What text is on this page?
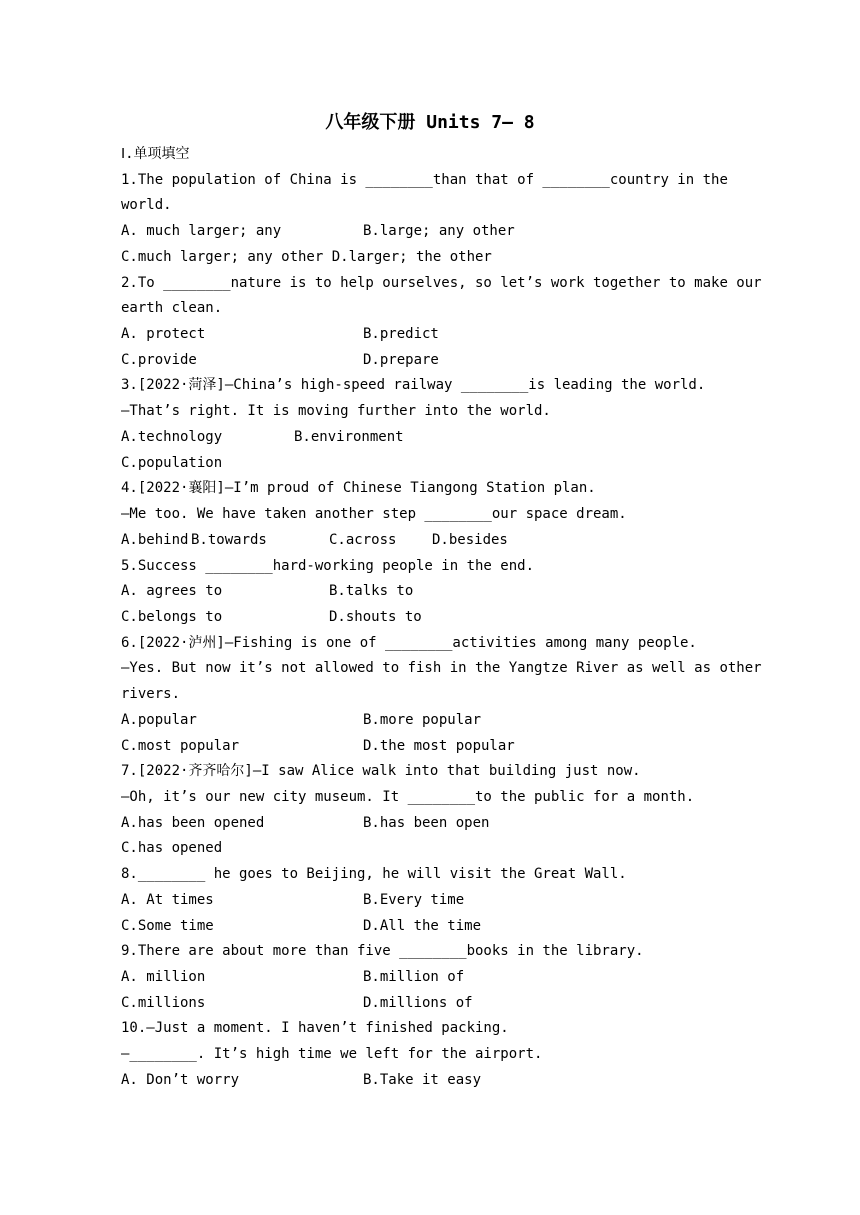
八年级下册 Units 7— 8
Ⅰ.单项填空
1.The population of China is ________than that of ________country in the
world.
A. much larger; any	B.large; any other
C.much larger; any other D.larger; the other
2.To ________nature is to help ourselves, so let’s work together to make our
earth clean.
A. protect	B.predict
C.provide	D.prepare
3.[2022·菏泽]—China’s high-speed railway ________is leading the world.
—That’s right. It is moving further into the world.
A.technology	B.environment
C.population
4.[2022·襄阳]—I’m proud of Chinese Tiangong Station plan.
—Me too. We have taken another step ________our space dream.
A.behind B.towards	C.across	D.besides
5.Success ________hard-working people in the end.
A. agrees to	B.talks to
C.belongs to	D.shouts to
6.[2022·泸州]—Fishing is one of ________activities among many people.
—Yes. But now it’s not allowed to fish in the Yangtze River as well as other
rivers.
A.popular	B.more popular
C.most popular	D.the most popular
7.[2022·齐齐哈尔]—I saw Alice walk into that building just now.
—Oh, it’s our new city museum. It ________to the public for a month.
A.has been opened	B.has been open
C.has opened
8.________ he goes to Beijing, he will visit the Great Wall.
A. At times	B.Every time
C.Some time	D.All the time
9.There are about more than five ________books in the library.
A. million	B.million of
C.millions	D.millions of
10.—Just a moment. I haven’t finished packing.
—________. It’s high time we left for the airport.
A. Don’t worry	B.Take it easy
